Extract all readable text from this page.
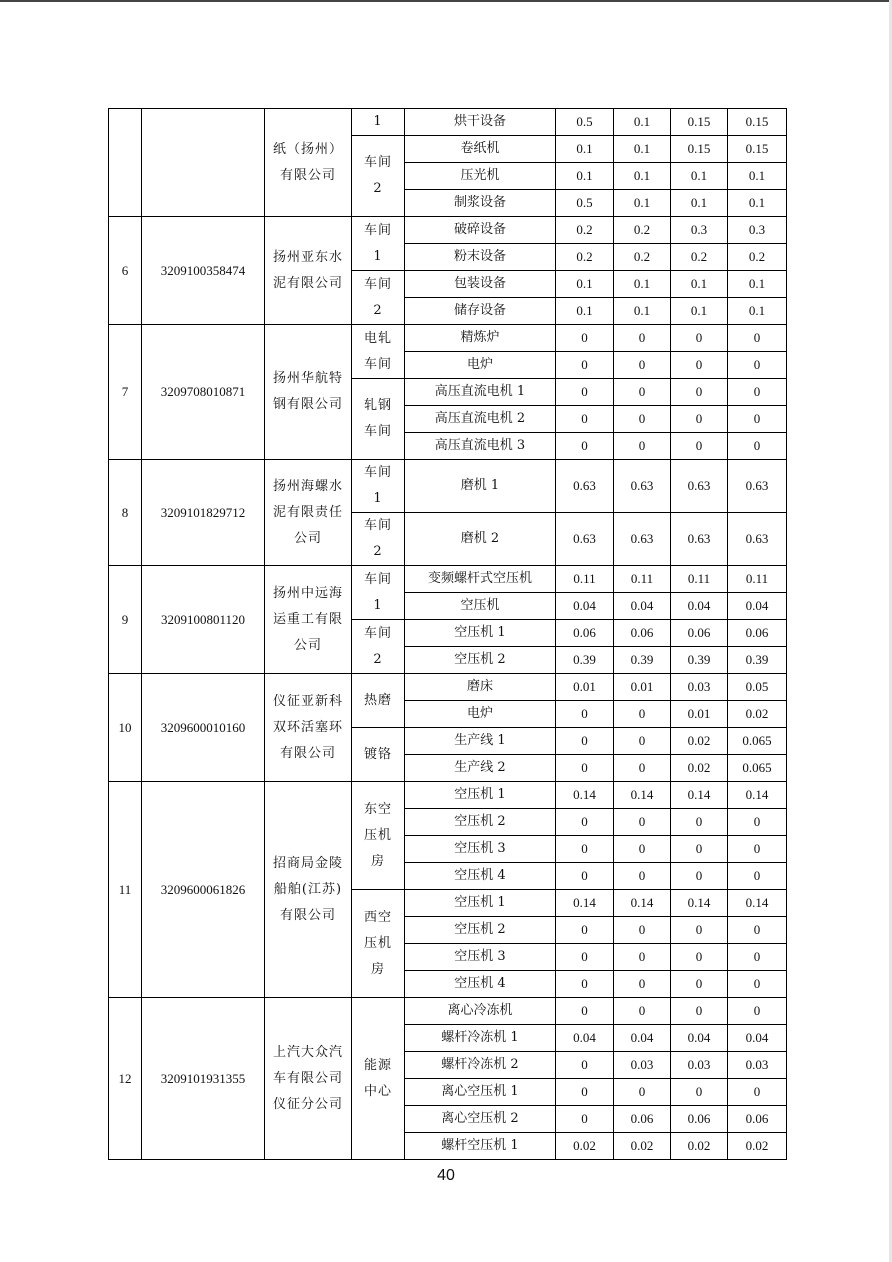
		纸（扬州）有限公司	1	烘干设备	0.5	0.1	0.15	0.15
			车间2	卷纸机	0.1	0.1	0.15	0.15
				压光机	0.1	0.1	0.1	0.1
				制浆设备	0.5	0.1	0.1	0.1
6	3209100358474	扬州亚东水泥有限公司	车间1	破碎设备	0.2	0.2	0.3	0.3
				粉末设备	0.2	0.2	0.2	0.2
			车间2	包装设备	0.1	0.1	0.1	0.1
				储存设备	0.1	0.1	0.1	0.1
7	3209708010871	扬州华航特钢有限公司	电轧车间	精炼炉	0	0	0	0
				电炉	0	0	0	0
			轧钢车间	高压直流电机 1	0	0	0	0
				高压直流电机 2	0	0	0	0
				高压直流电机 3	0	0	0	0
8	3209101829712	扬州海螺水泥有限责任公司	车间1	磨机 1	0.63	0.63	0.63	0.63
			车间2	磨机 2	0.63	0.63	0.63	0.63
9	3209100801120	扬州中远海运重工有限公司	车间1	变频螺杆式空压机	0.11	0.11	0.11	0.11
				空压机	0.04	0.04	0.04	0.04
			车间2	空压机 1	0.06	0.06	0.06	0.06
				空压机 2	0.39	0.39	0.39	0.39
10	3209600010160	仪征亚新科双环活塞环有限公司	热磨	磨床	0.01	0.01	0.03	0.05
				电炉	0	0	0.01	0.02
			镀铬	生产线 1	0	0	0.02	0.065
				生产线 2	0	0	0.02	0.065
11	3209600061826	招商局金陵船舶(江苏)有限公司	东空压机房	空压机 1	0.14	0.14	0.14	0.14
				空压机 2	0	0	0	0
				空压机 3	0	0	0	0
				空压机 4	0	0	0	0
			西空压机房	空压机 1	0.14	0.14	0.14	0.14
				空压机 2	0	0	0	0
				空压机 3	0	0	0	0
				空压机 4	0	0	0	0
12	3209101931355	上汽大众汽车有限公司仪征分公司	能源中心	离心冷冻机	0	0	0	0
				螺杆冷冻机 1	0.04	0.04	0.04	0.04
				螺杆冷冻机 2	0	0.03	0.03	0.03
				离心空压机 1	0	0	0	0
				离心空压机 2	0	0.06	0.06	0.06
				螺杆空压机 1	0.02	0.02	0.02	0.02
40
